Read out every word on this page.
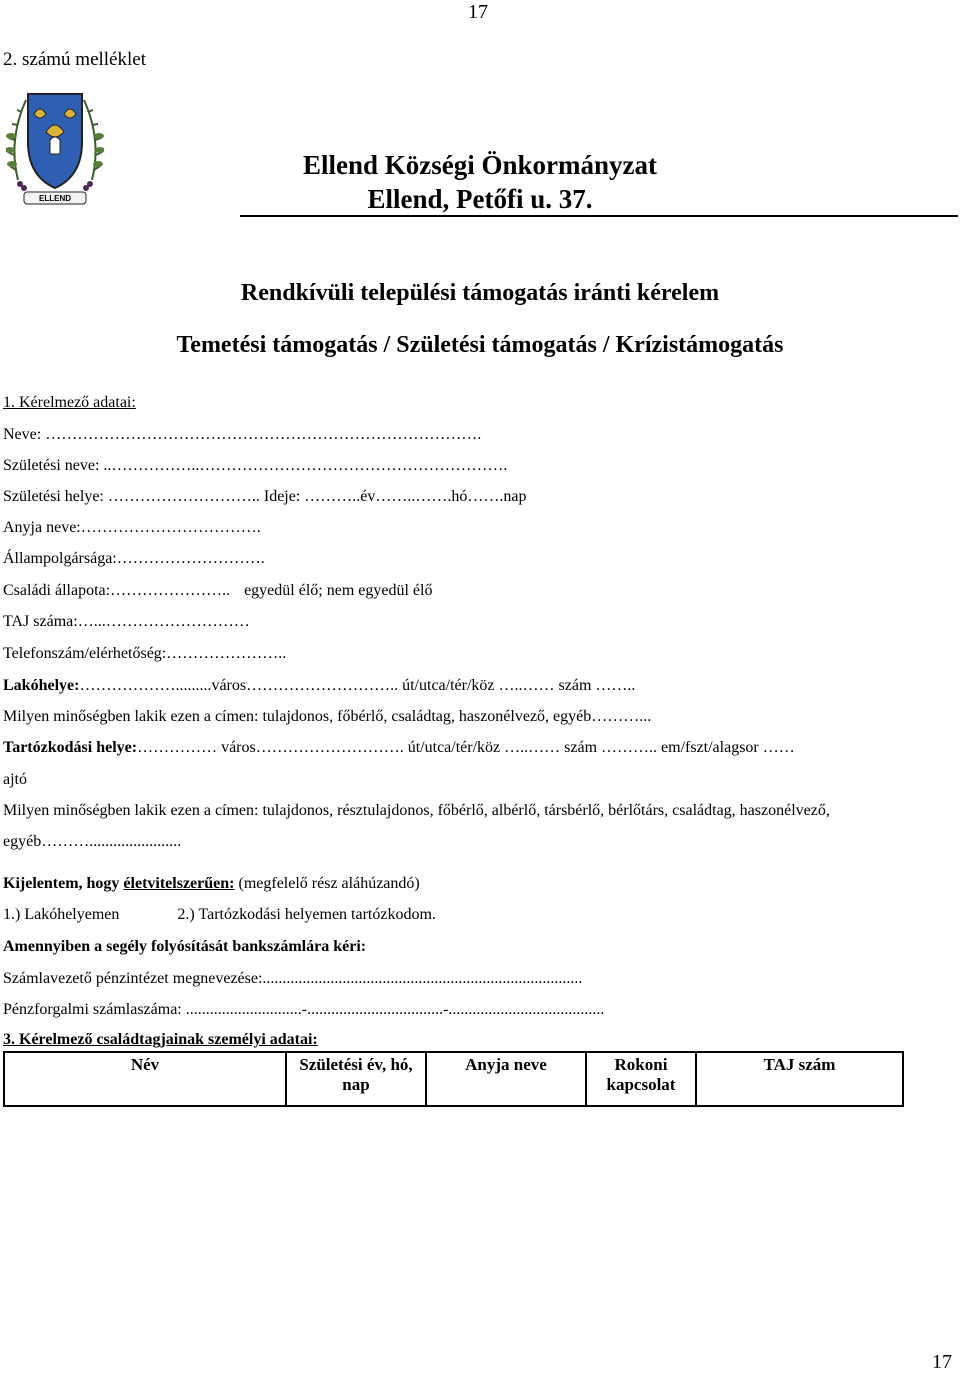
17
2. számú melléklet
ELLEND
Ellend Községi Önkormányzat
Ellend, Petőfi u. 37.
Rendkívüli települési támogatás iránti kérelem
Temetési támogatás / Születési támogatás / Krízistámogatás
1. Kérelmező adatai:
Neve: ……………………………………………………………………….
Születési neve: ..……………..………………………………………………….
Születési helye: ……………………….. Ideje: ………..év……..…….hó…….nap
Anyja neve:…………………………….
Állampolgársága:……………………….
Családi állapota:………………….. egyedül élő; nem egyedül élő
TAJ száma:…...………………………
Telefonszám/elérhetőség:…………………..
Lakóhelye:……………….........város……………………….. út/utca/tér/köz …..…… szám ……..
Milyen minőségben lakik ezen a címen: tulajdonos, főbérlő, családtag, haszonélvező, egyéb………...
Tartózkodási helye:…………… város………………………. út/utca/tér/köz …..…… szám ……….. em/fszt/alagsor ……
ajtó
Milyen minőségben lakik ezen a címen: tulajdonos, résztulajdonos, főbérlő, albérlő, társbérlő, bérlőtárs, családtag, haszonélvező,
egyéb……….......................
Kijelentem, hogy életvitelszerűen: (megfelelő rész aláhúzandó)
1.) Lakóhelyemen	2.) Tartózkodási helyemen tartózkodom.
Amennyiben a segély folyósítását bankszámlára kéri:
Számlavezető pénzintézet megnevezése:................................................................................
Pénzforgalmi számlaszáma: .............................-..................................-.......................................
3. Kérelmező családtagjainak személyi adatai:
Név	Születési év, hó, nap	Anyja neve	Rokoni kapcsolat	TAJ szám
17
